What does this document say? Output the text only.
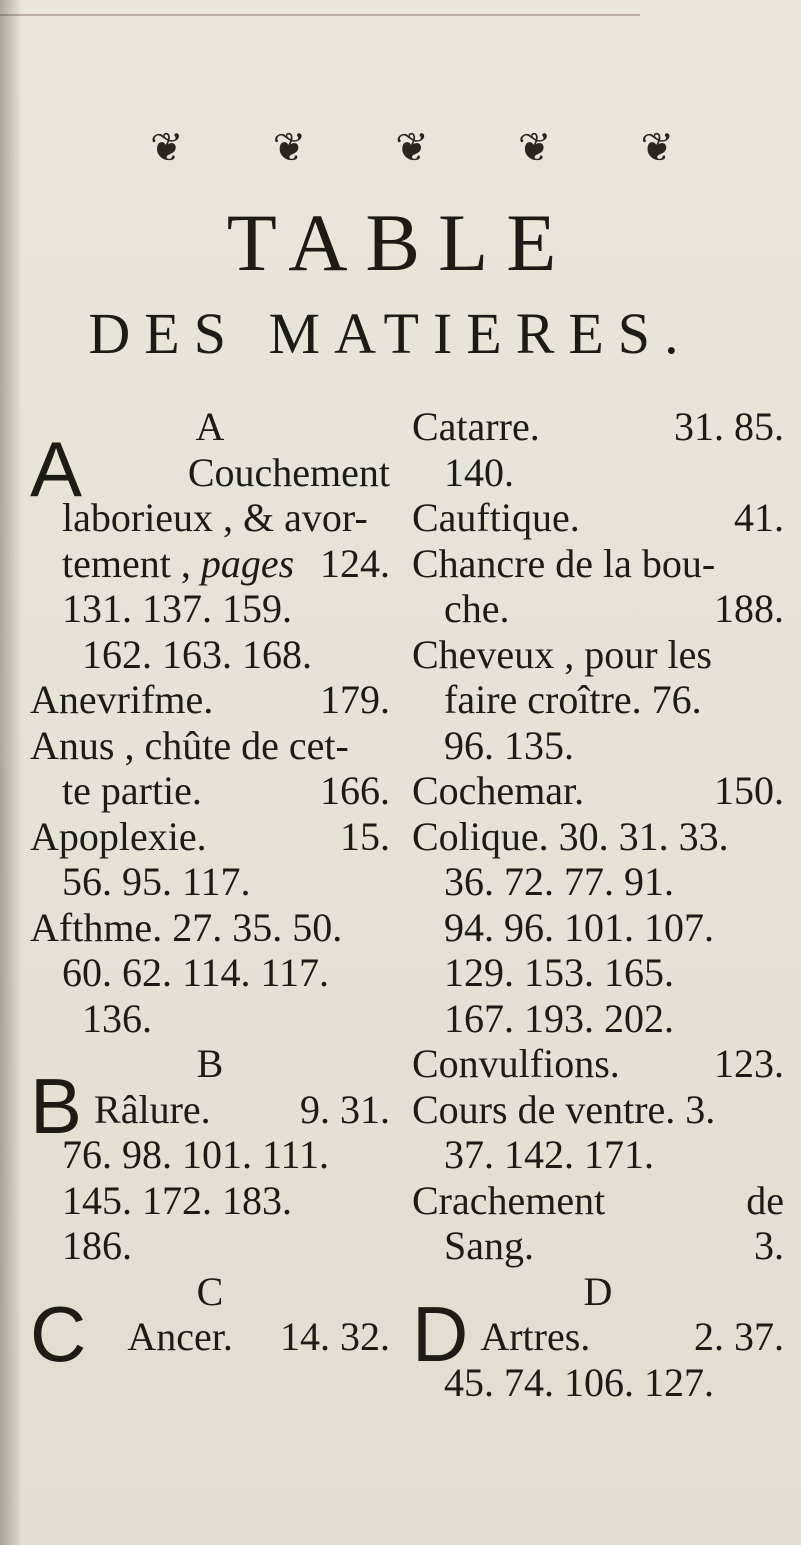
❦ ❦ ❦ ❦ ❦
TABLE
DES MATIERES.
A
A	Couchement
laborieux , & avor-
tement , pages 124.
131. 137. 159.
162. 163. 168.
Anevrifme.	179.
Anus , chûte de cet-
te partie.	166.
Apoplexie.	15.
56. 95. 117.
Afthme. 27. 35. 50.
60. 62. 114. 117.
136.
B
B Râlure. 9. 31.
76. 98. 101. 111.
145. 172. 183.
186.
C
C Ancer. 14. 32.
Catarre.	31. 85.
140.
Cauftique.	41.
Chancre de la bou-
che.	188.
Cheveux , pour les
faire croître. 76.
96. 135.
Cochemar.	150.
Colique. 30. 31. 33.
36. 72. 77. 91.
94. 96. 101. 107.
129. 153. 165.
167. 193. 202.
Convulfions. 123.
Cours de ventre. 3.
37. 142. 171.
Crachement	de
Sang.	3.
D
D Artres.	2. 37.
45. 74. 106. 127.
